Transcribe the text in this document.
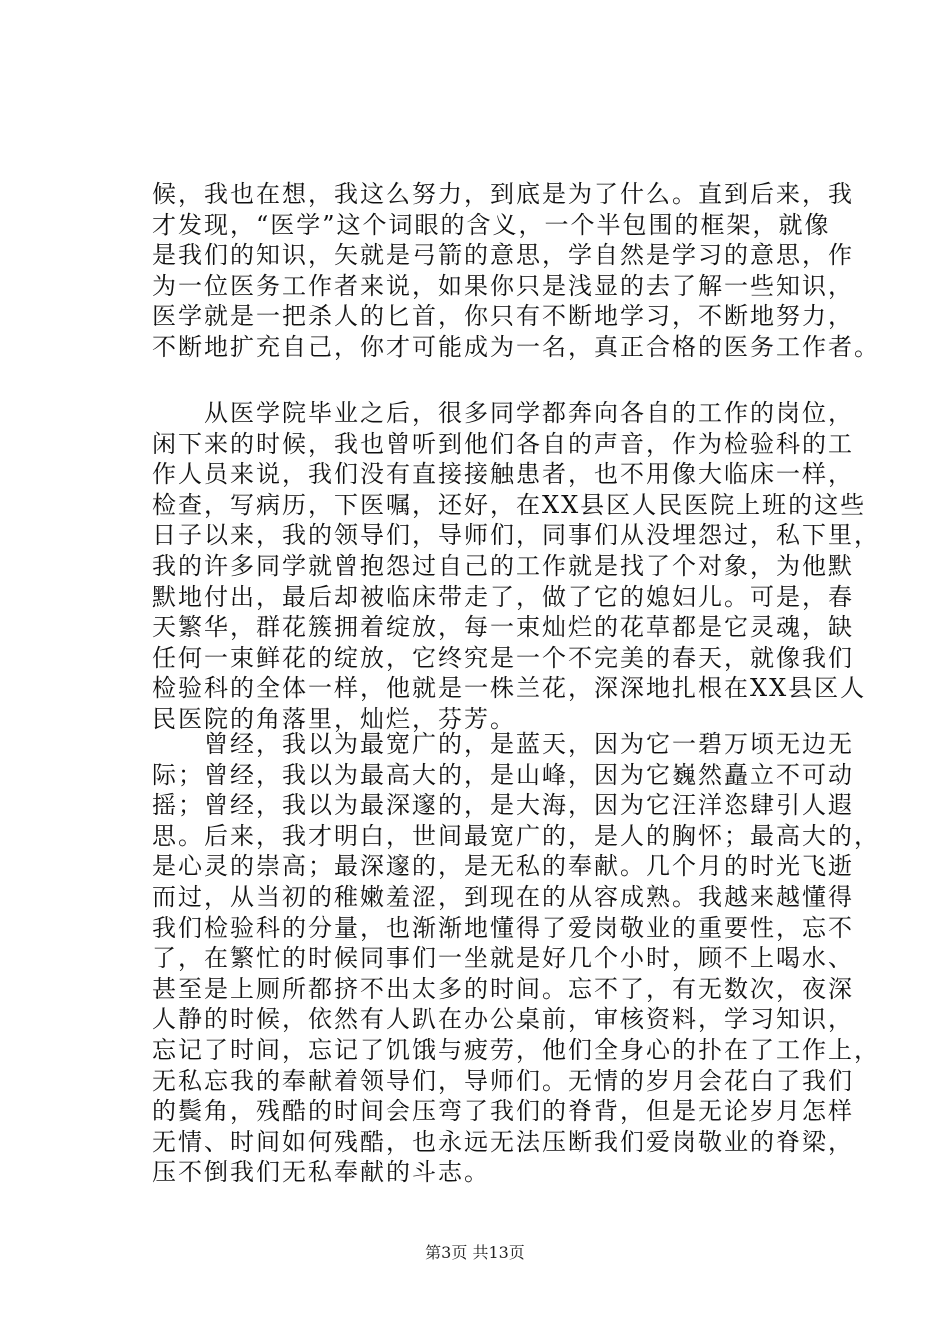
候，我也在想，我这么努力，到底是为了什么。直到后来，我
才发现，“医学”这个词眼的含义，一个半包围的框架，就像
是我们的知识，矢就是弓箭的意思，学自然是学习的意思，作
为一位医务工作者来说，如果你只是浅显的去了解一些知识，
医学就是一把杀人的匕首，你只有不断地学习，不断地努力，
不断地扩充自己，你才可能成为一名，真正合格的医务工作者。
　　从医学院毕业之后，很多同学都奔向各自的工作的岗位，
闲下来的时候，我也曾听到他们各自的声音，作为检验科的工
作人员来说，我们没有直接接触患者，也不用像大临床一样，
检查，写病历，下医嘱，还好，在XX县区人民医院上班的这些
日子以来，我的领导们，导师们，同事们从没埋怨过，私下里，
我的许多同学就曾抱怨过自己的工作就是找了个对象，为他默
默地付出，最后却被临床带走了，做了它的媳妇儿。可是，春
天繁华，群花簇拥着绽放，每一束灿烂的花草都是它灵魂，缺
任何一束鲜花的绽放，它终究是一个不完美的春天，就像我们
检验科的全体一样，他就是一株兰花，深深地扎根在XX县区人
民医院的角落里，灿烂，芬芳。
　　曾经，我以为最宽广的，是蓝天，因为它一碧万顷无边无
际；曾经，我以为最高大的，是山峰，因为它巍然矗立不可动
摇；曾经，我以为最深邃的，是大海，因为它汪洋恣肆引人遐
思。后来，我才明白，世间最宽广的，是人的胸怀；最高大的，
是心灵的崇高；最深邃的，是无私的奉献。几个月的时光飞逝
而过，从当初的稚嫩羞涩，到现在的从容成熟。我越来越懂得
我们检验科的分量，也渐渐地懂得了爱岗敬业的重要性，忘不
了，在繁忙的时候同事们一坐就是好几个小时，顾不上喝水、
甚至是上厕所都挤不出太多的时间。忘不了，有无数次，夜深
人静的时候，依然有人趴在办公桌前，审核资料，学习知识，
忘记了时间，忘记了饥饿与疲劳，他们全身心的扑在了工作上，
无私忘我的奉献着领导们，导师们。无情的岁月会花白了我们
的鬓角，残酷的时间会压弯了我们的脊背，但是无论岁月怎样
无情、时间如何残酷，也永远无法压断我们爱岗敬业的脊梁，
压不倒我们无私奉献的斗志。
第3页 共13页
